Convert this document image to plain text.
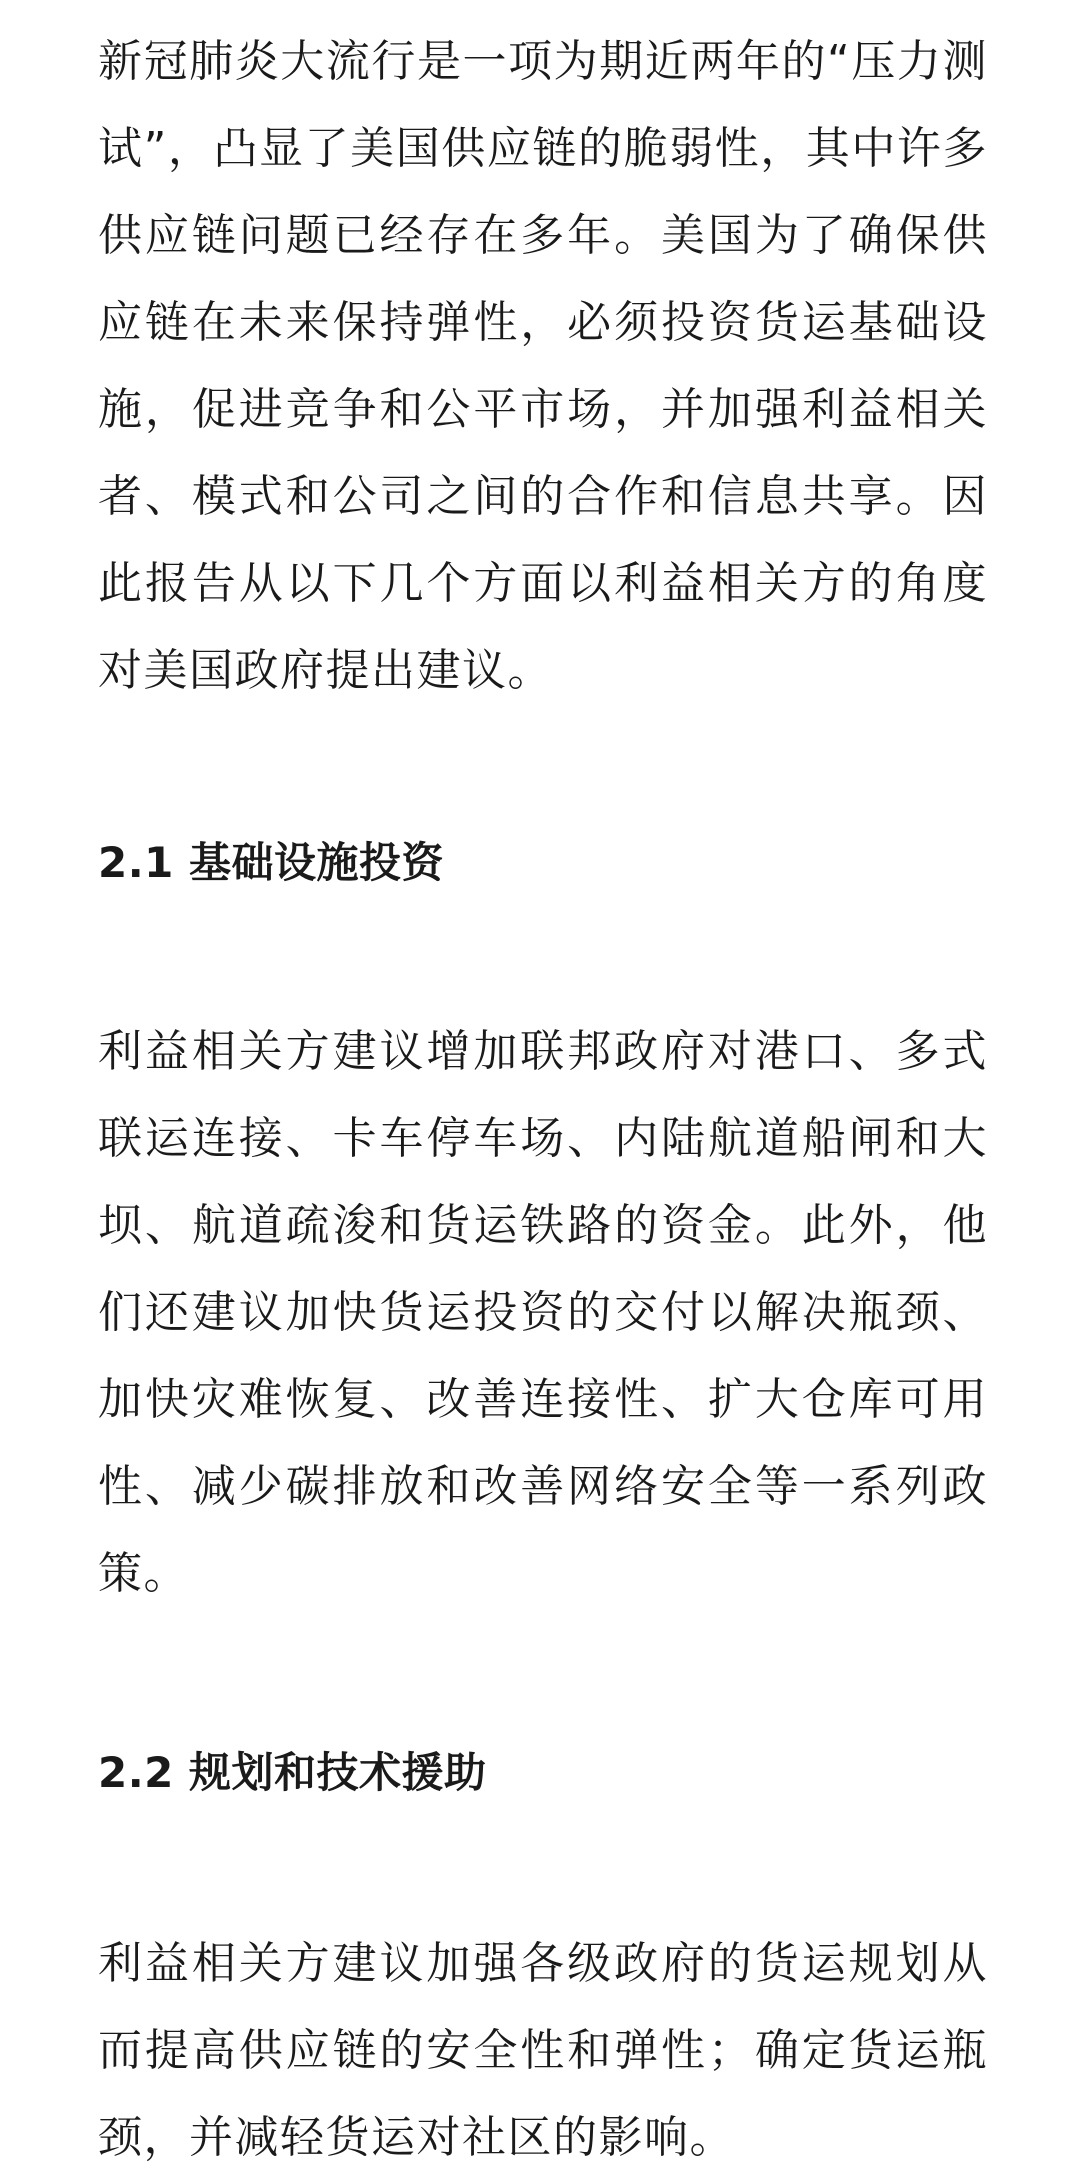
新冠肺炎大流行是一项为期近两年的“压力测试”，凸显了美国供应链的脆弱性，其中许多供应链问题已经存在多年。美国为了确保供应链在未来保持弹性，必须投资货运基础设施，促进竞争和公平市场，并加强利益相关者、模式和公司之间的合作和信息共享。因此报告从以下几个方面以利益相关方的角度对美国政府提出建议。

2.1 基础设施投资

利益相关方建议增加联邦政府对港口、多式联运连接、卡车停车场、内陆航道船闸和大坝、航道疏浚和货运铁路的资金。此外，他们还建议加快货运投资的交付以解决瓶颈、加快灾难恢复、改善连接性、扩大仓库可用性、减少碳排放和改善网络安全等一系列政策。

2.2 规划和技术援助

利益相关方建议加强各级政府的货运规划从而提高供应链的安全性和弹性；确定货运瓶颈，并减轻货运对社区的影响。
